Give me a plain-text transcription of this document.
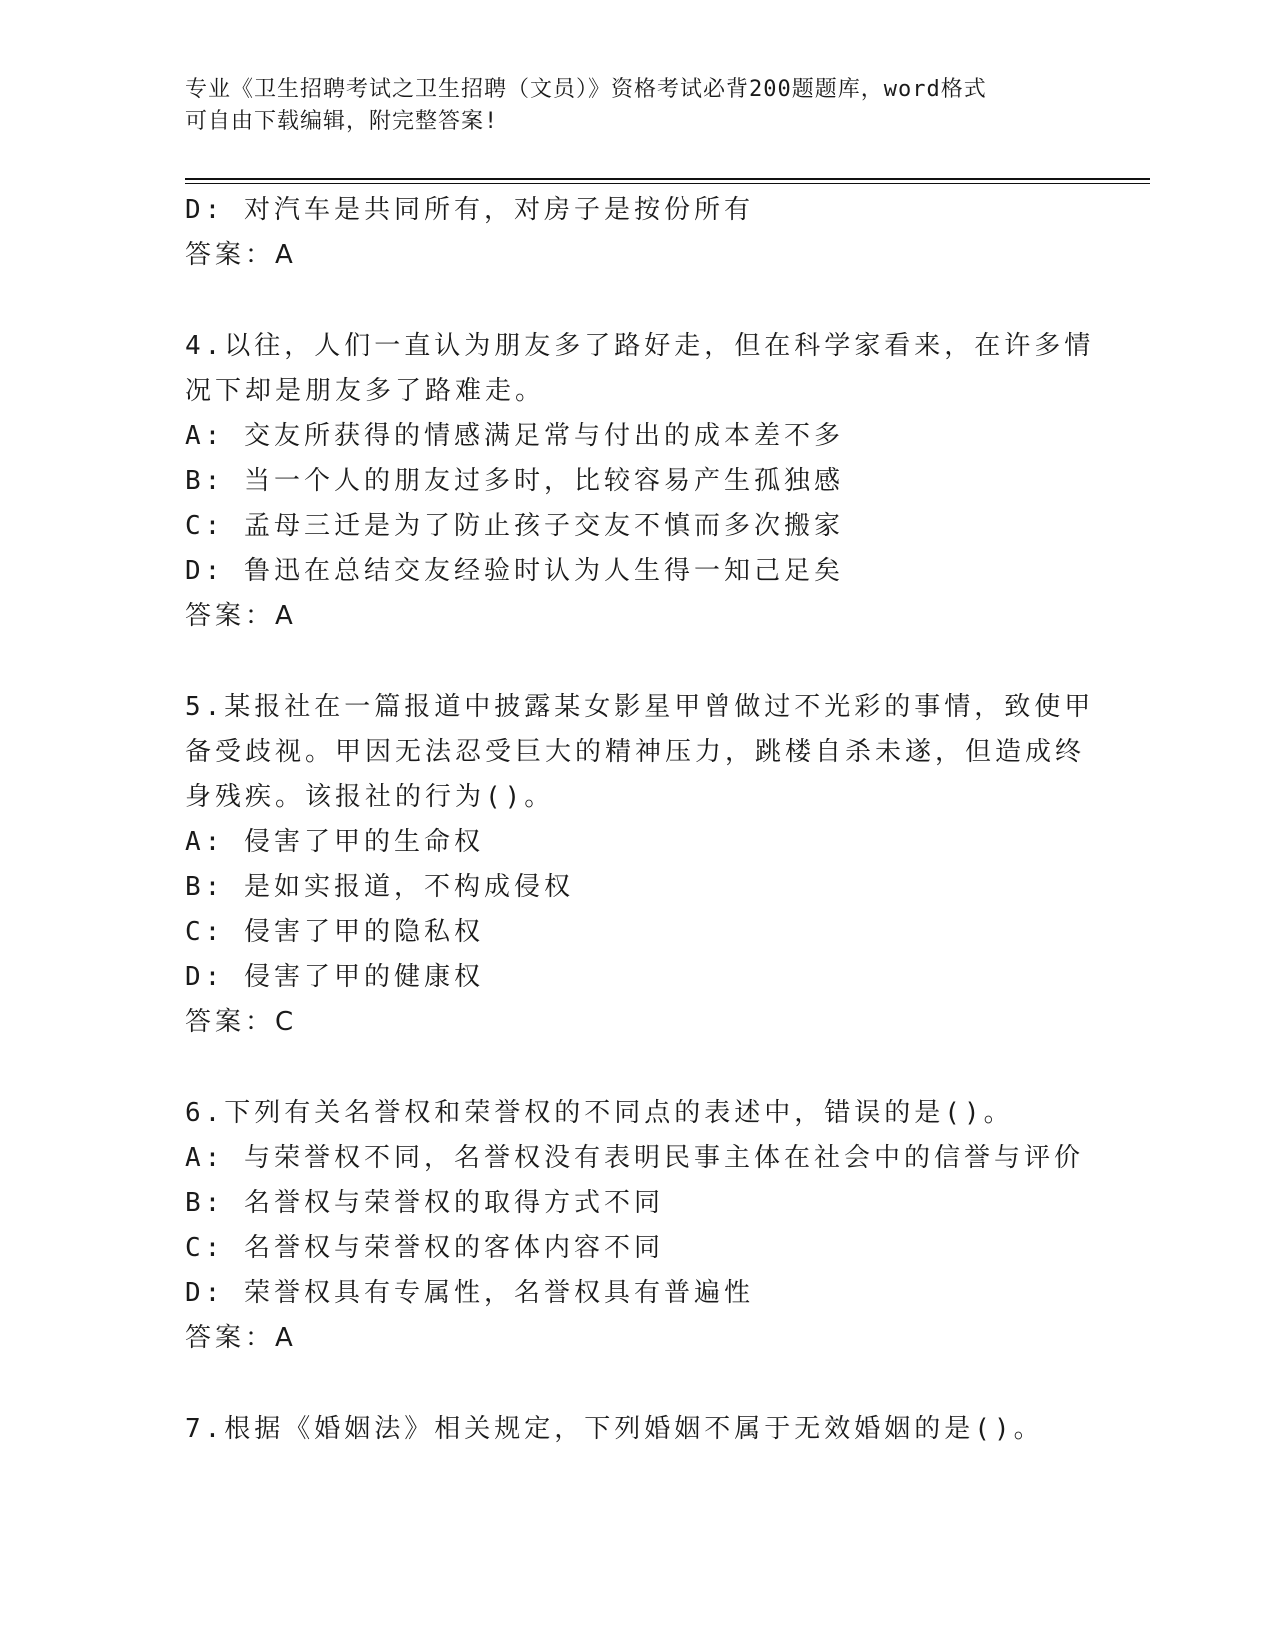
专业《卫生招聘考试之卫生招聘（文员）》资格考试必背200题题库，word格式
可自由下载编辑，附完整答案!
D: 对汽车是共同所有，对房子是按份所有
答案：A
4.以往，人们一直认为朋友多了路好走，但在科学家看来，在许多情
况下却是朋友多了路难走。
A: 交友所获得的情感满足常与付出的成本差不多
B: 当一个人的朋友过多时，比较容易产生孤独感
C: 孟母三迁是为了防止孩子交友不慎而多次搬家
D: 鲁迅在总结交友经验时认为人生得一知己足矣
答案：A
5.某报社在一篇报道中披露某女影星甲曾做过不光彩的事情，致使甲
备受歧视。甲因无法忍受巨大的精神压力，跳楼自杀未遂，但造成终
身残疾。该报社的行为()。
A: 侵害了甲的生命权
B: 是如实报道，不构成侵权
C: 侵害了甲的隐私权
D: 侵害了甲的健康权
答案：C
6.下列有关名誉权和荣誉权的不同点的表述中，错误的是()。
A: 与荣誉权不同，名誉权没有表明民事主体在社会中的信誉与评价
B: 名誉权与荣誉权的取得方式不同
C: 名誉权与荣誉权的客体内容不同
D: 荣誉权具有专属性，名誉权具有普遍性
答案：A
7.根据《婚姻法》相关规定，下列婚姻不属于无效婚姻的是()。
